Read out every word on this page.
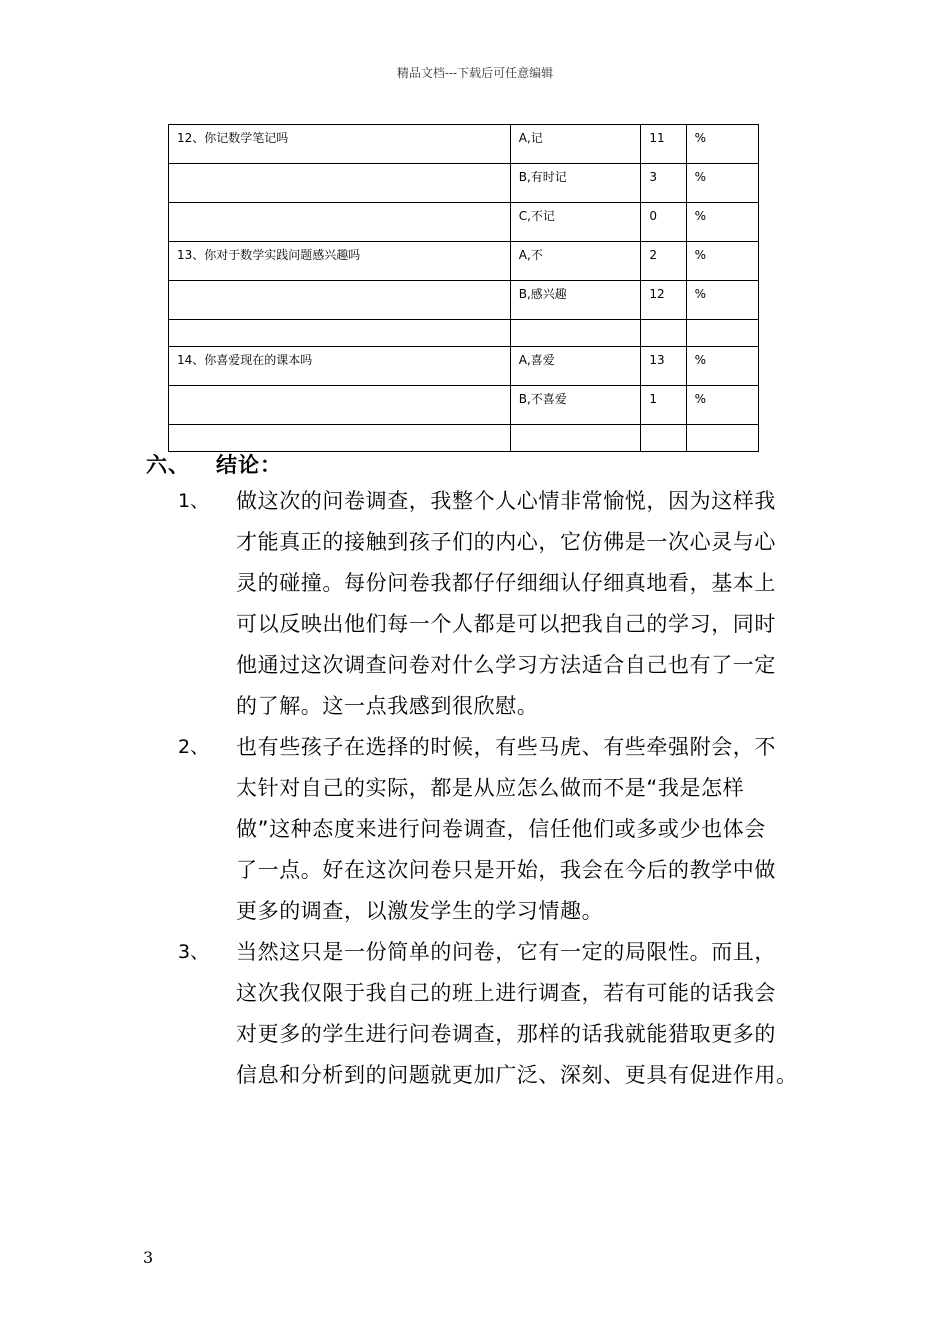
精品文档---下载后可任意编辑
12、你记数学笔记吗	A,记	11	%
	B,有时记	3	%
	C,不记	0	%
13、你对于数学实践问题感兴趣吗	A,不	2	%
	B,感兴趣	12	%

14、你喜爱现在的课本吗	A,喜爱	13	%
	B,不喜爱	1	%

六、 结论：
1、 做这次的问卷调查，我整个人心情非常愉悦，因为这样我
才能真正的接触到孩子们的内心，它仿佛是一次心灵与心
灵的碰撞。每份问卷我都仔仔细细认仔细真地看，基本上
可以反映出他们每一个人都是可以把我自己的学习，同时
他通过这次调查问卷对什么学习方法适合自己也有了一定
的了解。这一点我感到很欣慰。
2、 也有些孩子在选择的时候，有些马虎、有些牵强附会，不
太针对自己的实际，都是从应怎么做而不是“我是怎样
做”这种态度来进行问卷调查，信任他们或多或少也体会
了一点。好在这次问卷只是开始，我会在今后的教学中做
更多的调查，以激发学生的学习情趣。
3、 当然这只是一份简单的问卷，它有一定的局限性。而且，
这次我仅限于我自己的班上进行调查，若有可能的话我会
对更多的学生进行问卷调查，那样的话我就能猎取更多的
信息和分析到的问题就更加广泛、深刻、更具有促进作用。
3
